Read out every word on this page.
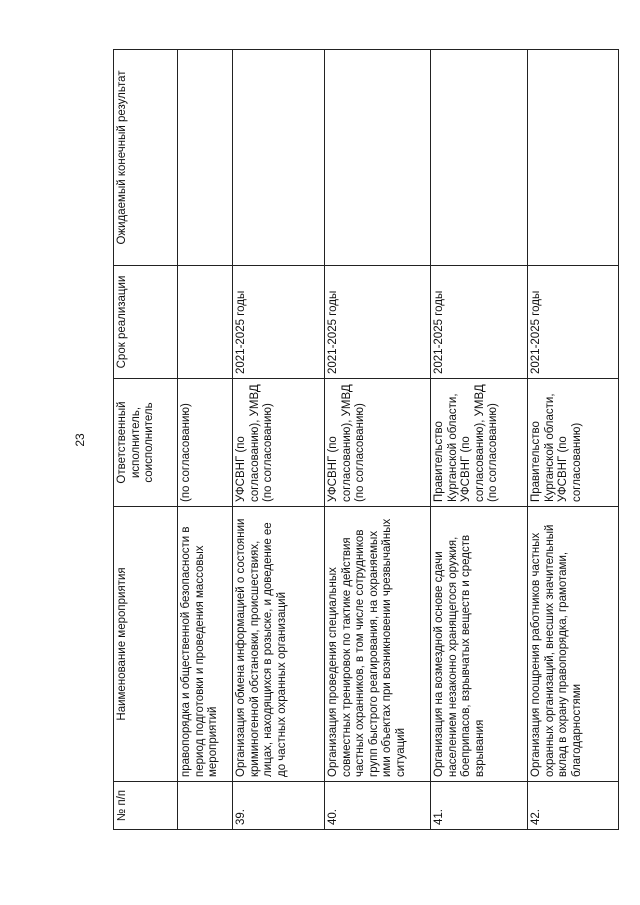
23
№ п/п	Наименование мероприятия	Ответственный исполнитель, соисполнитель	Срок реализации	Ожидаемый конечный результат
	правопорядка и общественной безопасности в период подготовки и проведения массовых мероприятий	(по согласованию)		
39.	Организация обмена информацией о состоянии криминогенной обстановки, происшествиях, лицах, находящихся в розыске, и доведение ее до частных охранных организаций	УФСВНГ (по согласованию), УМВД (по согласованию)	2021-2025 годы	
40.	Организация проведения специальных совместных тренировок по тактике действия частных охранников, в том числе сотрудников групп быстрого реагирования, на охраняемых ими объектах при возникновении чрезвычайных ситуаций	УФСВНГ (по согласованию), УМВД (по согласованию)	2021-2025 годы	
41.	Организация на возмездной основе сдачи населением незаконно хранящегося оружия, боеприпасов, взрывчатых веществ и средств взрывания	Правительство Курганской области, УФСВНГ (по согласованию), УМВД (по согласованию)	2021-2025 годы	
42.	Организация поощрения работников частных охранных организаций, внесших значительный вклад в охрану правопорядка, грамотами, благодарностями	Правительство Курганской области, УФСВНГ (по согласованию)	2021-2025 годы	
